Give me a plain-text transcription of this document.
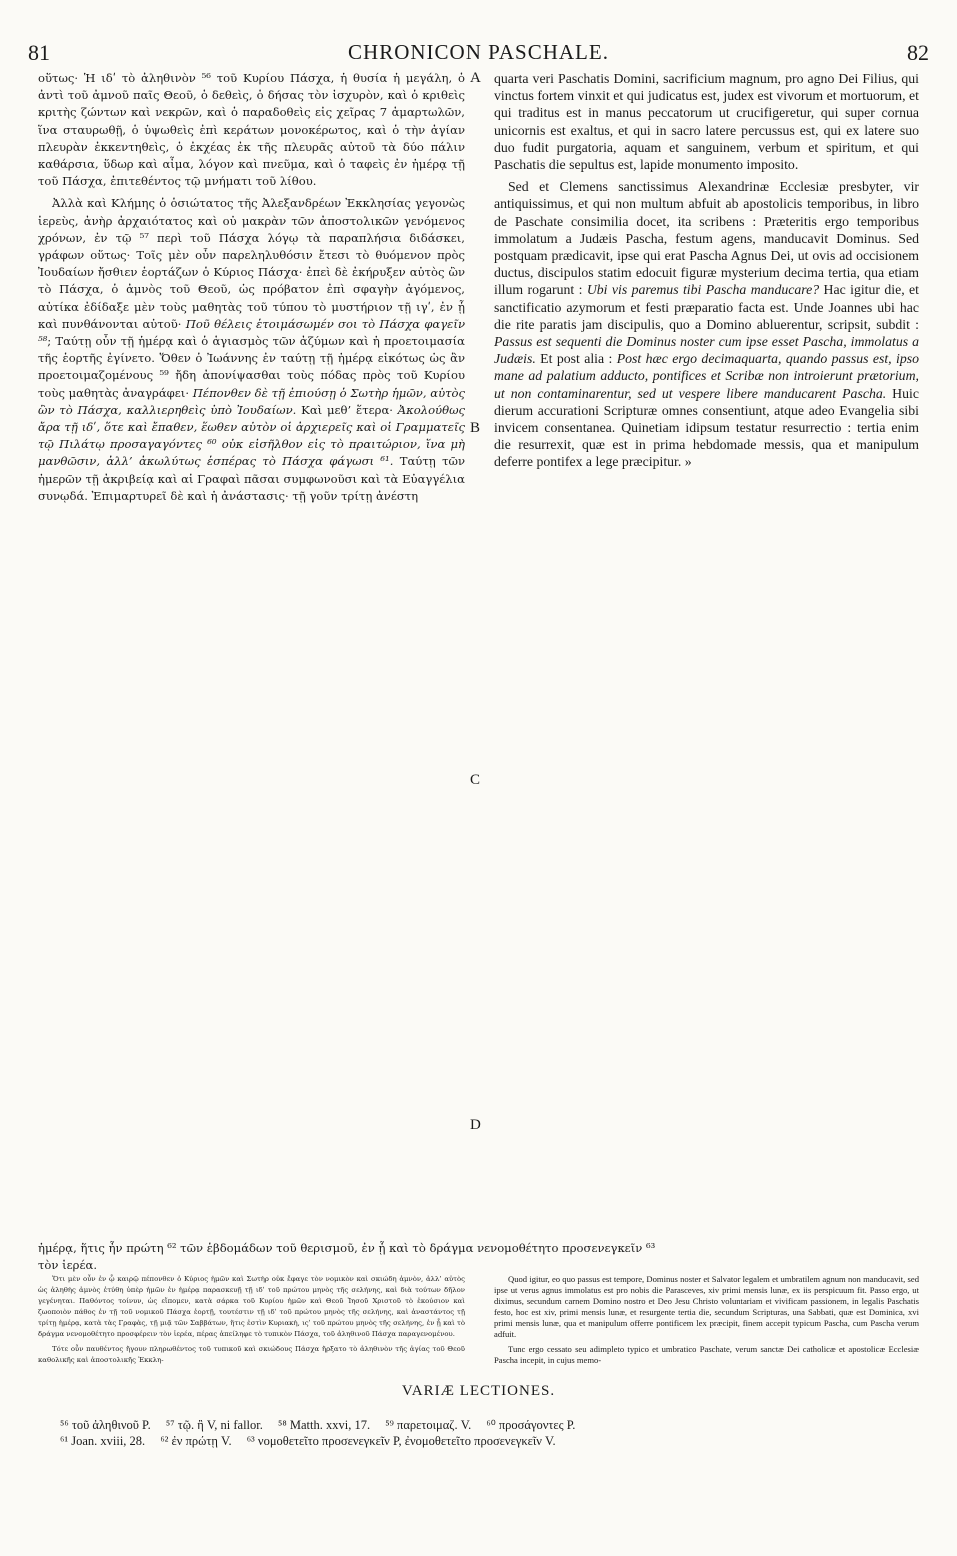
81	CHRONICON PASCHALE.	82

οὕτως· Ἡ ιδʹ τὸ ἀληθινὸν ⁵⁶ τοῦ Κυρίου Πάσχα, ἡ θυσία ἡ μεγάλη, ὁ ἀντὶ τοῦ ἀμνοῦ παῖς Θεοῦ, ὁ δεθεὶς, ὁ δήσας τὸν ἰσχυρὸν, καὶ ὁ κριθεὶς κριτὴς ζώντων καὶ νεκρῶν, καὶ ὁ παραδοθεὶς εἰς χεῖρας 7 ἁμαρτωλῶν, ἵνα σταυρωθῇ, ὁ ὑψωθεὶς ἐπὶ κεράτων μονοκέρωτος, καὶ ὁ τὴν ἁγίαν πλευρὰν ἐκκεντηθεὶς, ὁ ἐκχέας ἐκ τῆς πλευρᾶς αὐτοῦ τὰ δύο πάλιν καθάρσια, ὕδωρ καὶ αἷμα, λόγον καὶ πνεῦμα, καὶ ὁ ταφεὶς ἐν ἡμέρᾳ τῇ τοῦ Πάσχα, ἐπιτεθέντος τῷ μνήματι τοῦ λίθου.

Ἀλλὰ καὶ Κλήμης ὁ ὁσιώτατος τῆς Ἀλεξανδρέων Ἐκκλησίας γεγονὼς ἱερεὺς, ἀνὴρ ἀρχαιότατος καὶ οὐ μακρὰν τῶν ἀποστολικῶν γενόμενος χρόνων, ἐν τῷ ⁵⁷ περὶ τοῦ Πάσχα λόγῳ τὰ παραπλήσια διδάσκει, γράφων οὕτως· Τοῖς μὲν οὖν παρεληλυθόσιν ἔτεσι τὸ θυόμενον πρὸς Ἰουδαίων ἤσθιεν ἑορτάζων ὁ Κύριος Πάσχα· ἐπεὶ δὲ ἐκήρυξεν αὐτὸς ὢν τὸ Πάσχα, ὁ ἀμνὸς τοῦ Θεοῦ, ὡς πρόβατον ἐπὶ σφαγὴν ἀγόμενος, αὐτίκα ἐδίδαξε μὲν τοὺς μαθητὰς τοῦ τύπου τὸ μυστήριον τῇ ιγʹ, ἐν ᾗ καὶ πυνθάνονται αὐτοῦ· Ποῦ θέλεις ἑτοιμάσωμέν σοι τὸ Πάσχα φαγεῖν ⁵⁸; Ταύτῃ οὖν τῇ ἡμέρᾳ καὶ ὁ ἁγιασμὸς τῶν ἀζύμων καὶ ἡ προετοιμασία τῆς ἑορτῆς ἐγίνετο. Ὅθεν ὁ Ἰωάννης ἐν ταύτῃ τῇ ἡμέρᾳ εἰκότως ὡς ἂν προετοιμαζομένους ⁵⁹ ἤδη ἀπονίψασθαι τοὺς πόδας πρὸς τοῦ Κυρίου τοὺς μαθητὰς ἀναγράφει· Πέπονθεν δὲ τῇ ἐπιούσῃ ὁ Σωτὴρ ἡμῶν, αὐτὸς ὢν τὸ Πάσχα, καλλιερηθεὶς ὑπὸ Ἰουδαίων. Καὶ μεθ’ ἕτερα· Ἀκολούθως ἄρα τῇ ιδʹ, ὅτε καὶ ἔπαθεν, ἕωθεν αὐτὸν οἱ ἀρχιερεῖς καὶ οἱ Γραμματεῖς τῷ Πιλάτῳ προσαγαγόντες ⁶⁰ οὐκ εἰσῆλθον εἰς τὸ πραιτώριον, ἵνα μὴ μανθῶσιν, ἀλλ’ ἀκωλύτως ἑσπέρας τὸ Πάσχα φάγωσι ⁶¹. Ταύτῃ τῶν ἡμερῶν τῇ ἀκριβείᾳ καὶ αἱ Γραφαὶ πᾶσαι συμφωνοῦσι καὶ τὰ Εὐαγγέλια συνῳδά. Ἐπιμαρτυρεῖ δὲ καὶ ἡ ἀνάστασις· τῇ γοῦν τρίτῃ ἀνέστη

ἡμέρᾳ, ἥτις ἦν πρώτη ⁶² τῶν ἑβδομάδων τοῦ θερισμοῦ, ἐν ᾗ καὶ τὸ δράγμα νενομοθέτητο προσενεγκεῖν ⁶³

τὸν ἱερέα.

quarta veri Paschatis Domini, sacrificium magnum, pro agno Dei Filius, qui vinctus fortem vinxit et qui judicatus est, judex est vivorum et mortuorum, et qui traditus est in manus peccatorum ut crucifigeretur, qui super cornua unicornis est exaltus, et qui in sacro latere percussus est, qui ex latere suo duo fudit purgatoria, aquam et sanguinem, verbum et spiritum, et qui Paschatis die sepultus est, lapide monumento imposito.

Sed et Clemens sanctissimus Alexandrinæ Ecclesiæ presbyter, vir antiquissimus, et qui non multum abfuit ab apostolicis temporibus, in libro de Paschate consimilia docet, ita scribens : Præteritis ergo temporibus immolatum a Judæis Pascha, festum agens, manducavit Dominus. Sed postquam prædicavit, ipse qui erat Pascha Agnus Dei, ut ovis ad occisionem ductus, discipulos statim edocuit figuræ mysterium decima tertia, qua etiam illum rogarunt : Ubi vis paremus tibi Pascha manducare? Hac igitur die, et sanctificatio azymorum et festi præparatio facta est. Unde Joannes ubi hac die rite paratis jam discipulis, quo a Domino abluerentur, scripsit, subdit : Passus est sequenti die Dominus noster cum ipse esset Pascha, immolatus a Judæis. Et post alia : Post hæc ergo decimaquarta, quando passus est, ipso mane ad palatium adducto, pontifices et Scribæ non introierunt prætorium, ut non contaminarentur, sed ut vespere libere manducarent Pascha. Huic dierum accurationi Scripturæ omnes consentiunt, atque adeo Evangelia sibi invicem consentanea. Quinetiam idipsum testatur resurrectio : tertia enim die resurrexit, quæ est in prima hebdomade messis, qua et manipulum deferre pontifex a lege præcipitur. »

Ὅτι μὲν οὖν ἐν ᾧ καιρῷ πέπονθεν ὁ Κύριος ἡμῶν καὶ Σωτὴρ οὐκ ἔφαγε τὸν νομικὸν καὶ σκιώδη ἀμνὸν, ἀλλ’ αὐτὸς ὡς ἀληθὴς ἀμνὸς ἐτύθη ὑπὲρ ἡμῶν ἐν ἡμέρᾳ παρασκευῇ τῇ ιδʹ τοῦ πρώτου μηνὸς τῆς σελήνης, καὶ διὰ τούτων δῆλον γεγένηται. Παθόντος τοίνυν, ὡς εἴπομεν, κατὰ σάρκα τοῦ Κυρίου ἡμῶν καὶ Θεοῦ Ἰησοῦ Χριστοῦ τὸ ἑκούσιον καὶ ζωοποιὸν πάθος ἐν τῇ τοῦ νομικοῦ Πάσχα ἑορτῇ, τουτέστιν τῇ ιδʹ τοῦ πρώτου μηνὸς τῆς σελήνης, καὶ ἀναστάντος τῇ τρίτῃ ἡμέρᾳ, κατὰ τὰς Γραφὰς, τῇ μιᾷ τῶν Σαββάτων, ἥτις ἐστὶν Κυριακὴ, ιςʹ τοῦ πρώτου μηνὸς τῆς σελήνης, ἐν ᾗ καὶ τὸ δράγμα νενομοθέτητο προσφέρειν τὸν ἱερέα, πέρας ἀπείληφε τὸ τυπικὸν Πάσχα, τοῦ ἀληθινοῦ Πάσχα παραγενομένου.

Τότε οὖν παυθέντος ἤγουν πληρωθέντος τοῦ τυπικοῦ καὶ σκιώδους Πάσχα ἤρξατο τὸ ἀληθινὸν τῆς ἁγίας τοῦ Θεοῦ καθολικῆς καὶ ἀποστολικῆς Ἐκκλη-

Quod igitur, eo quo passus est tempore, Dominus noster et Salvator legalem et umbratilem agnum non manducavit, sed ipse ut verus agnus immolatus est pro nobis die Parasceves, xiv primi mensis lunæ, ex iis perspicuum fit. Passo ergo, ut diximus, secundum carnem Domino nostro et Deo Jesu Christo voluntariam et vivificam passionem, in legalis Paschatis festo, hoc est xiv, primi mensis lunæ, et resurgente tertia die, secundum Scripturas, una Sabbati, quæ est Dominica, xvi primi mensis lunæ, qua et manipulum offerre pontificem lex præcipit, finem accepit typicum Pascha, cum Pascha verum adfuit.

Tunc ergo cessato seu adimpleto typico et umbratico Paschate, verum sanctæ Dei catholicæ et apostolicæ Ecclesiæ Pascha incepit, in cujus memo-

A
B
C
D
VARIÆ LECTIONES.
⁵⁶ τοῦ ἀληθινοῦ P. ⁵⁷ τῷ. ἢ V, ni fallor. ⁵⁸ Matth. xxvi, 17. ⁵⁹ παρετοιμαζ. V. ⁶⁰ προσάγοντες P.
⁶¹ Joan. xviii, 28. ⁶² ἐν πρώτῃ V. ⁶³ νομοθετεῖτο προσενεγκεῖν P, ἐνομοθετεῖτο προσενεγκεῖν V.
